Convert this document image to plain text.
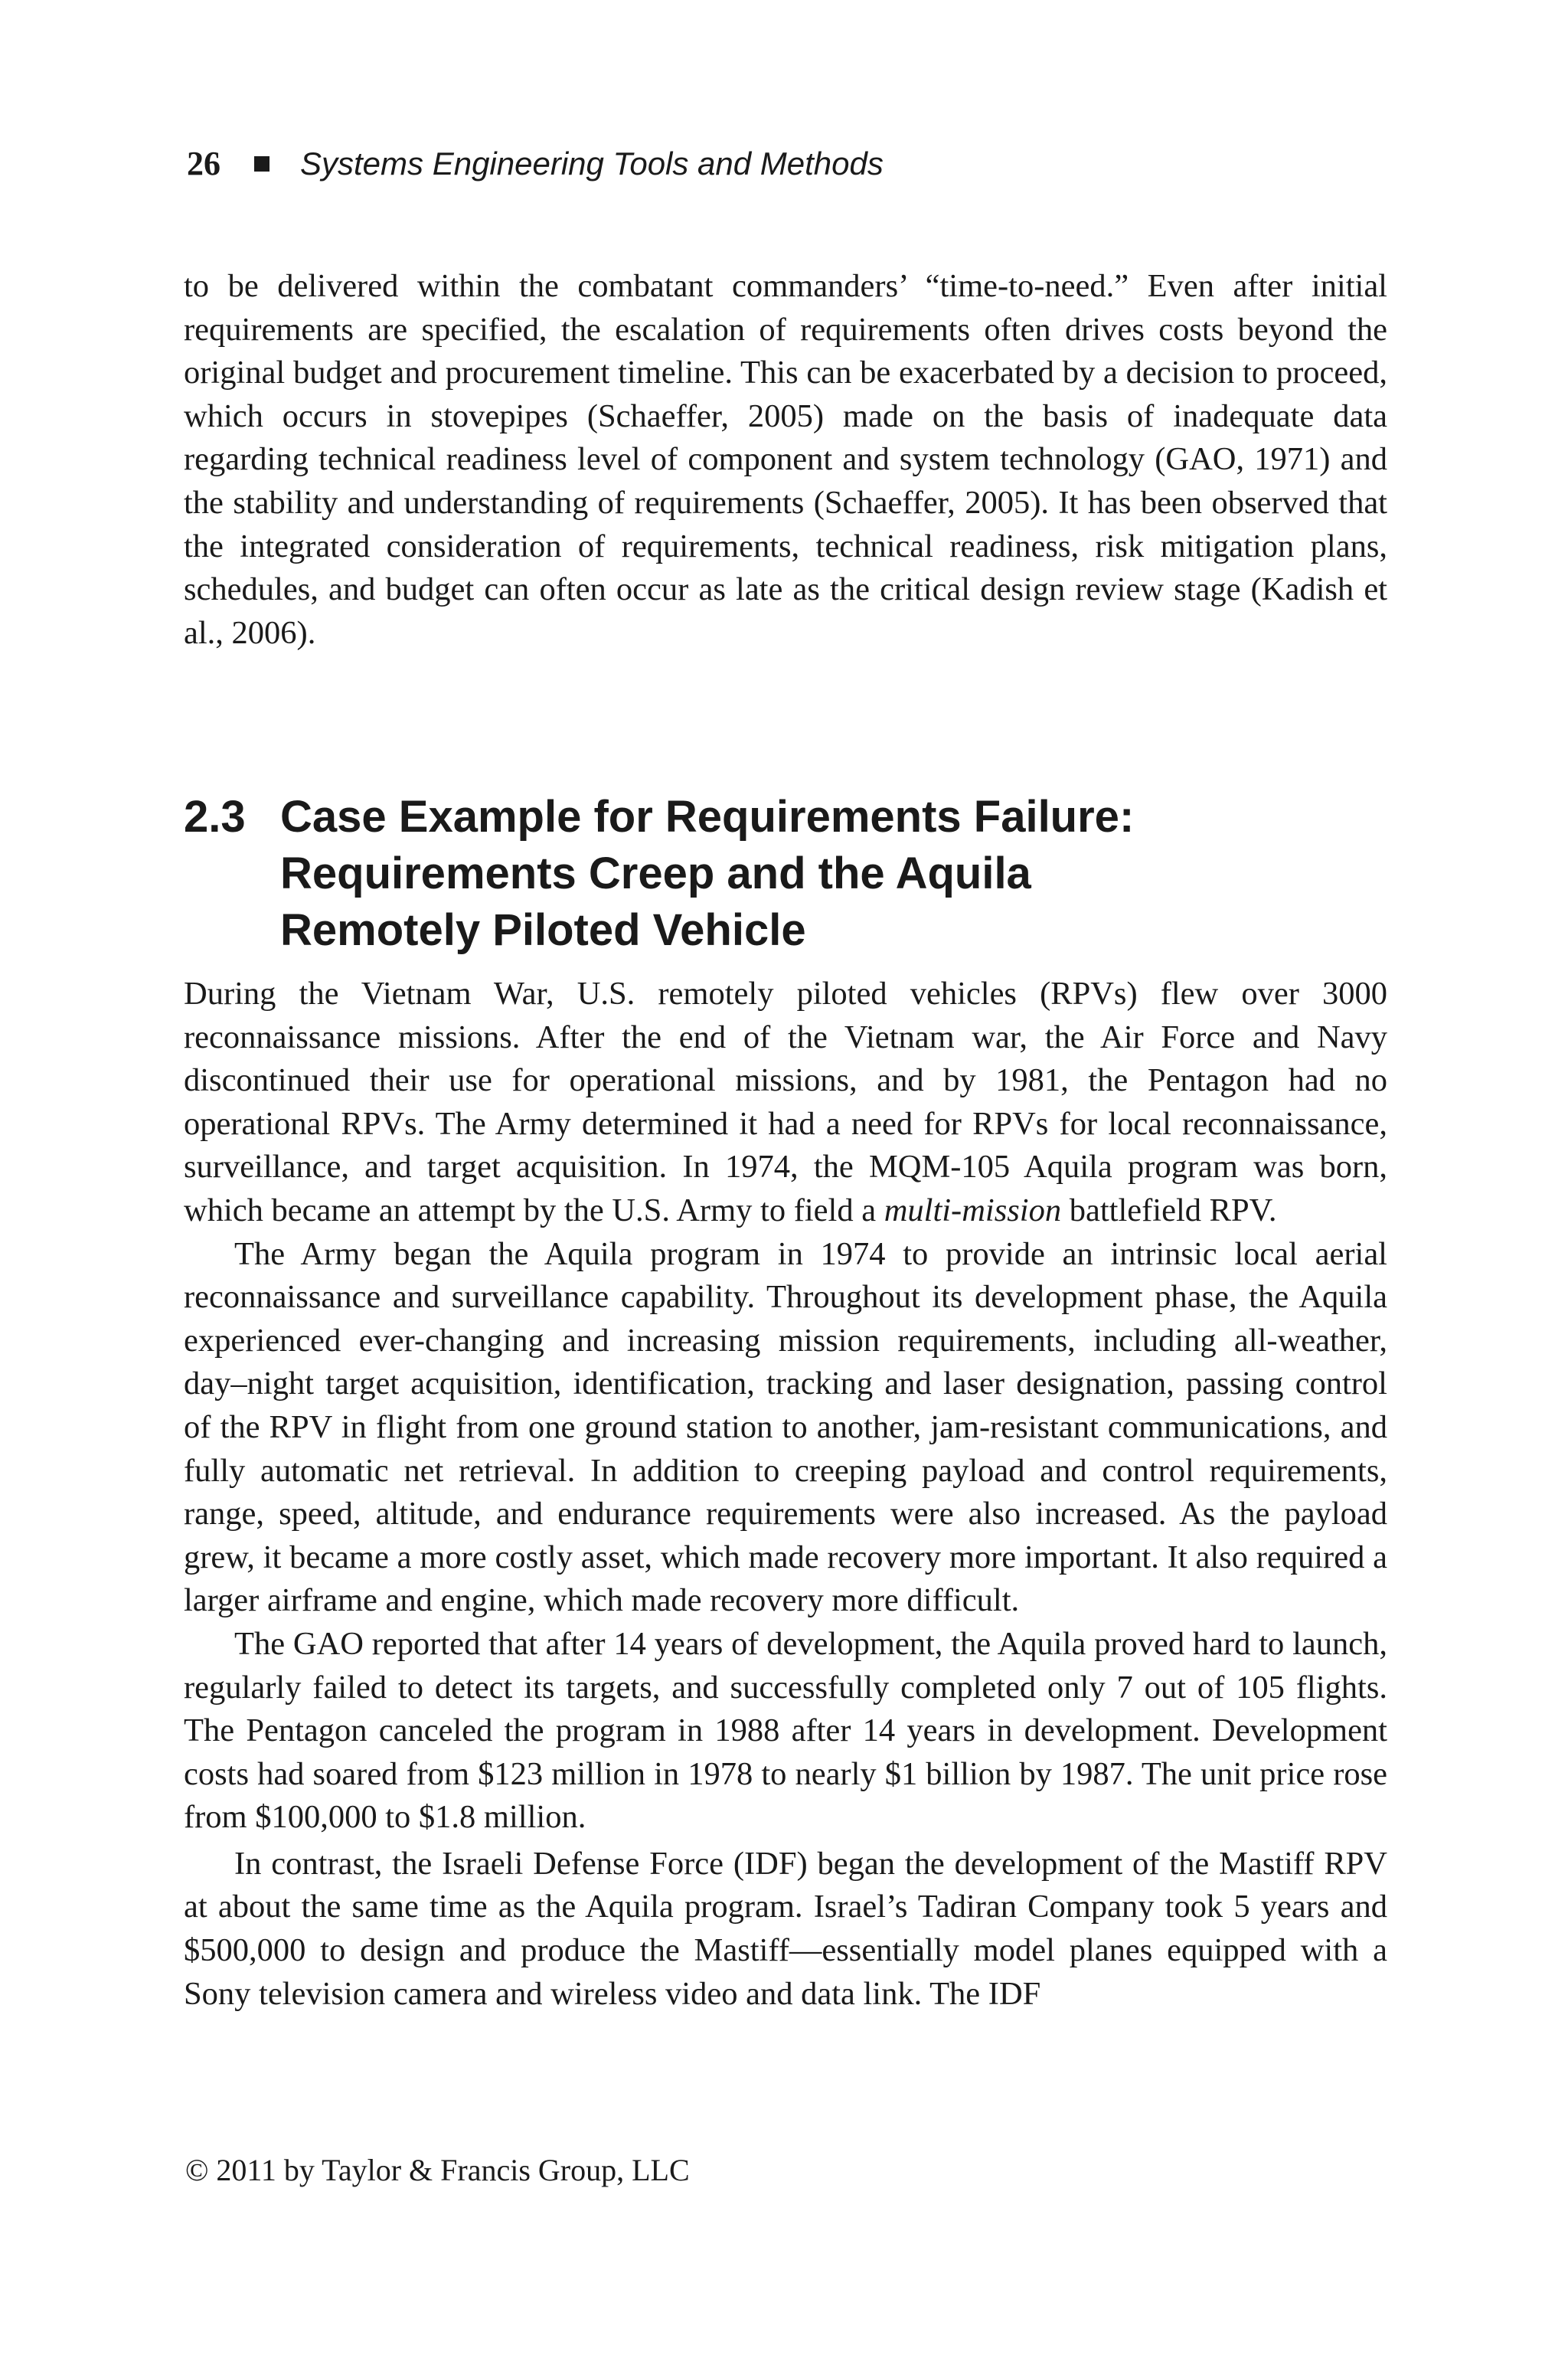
26 Systems Engineering Tools and Methods

to be delivered within the combatant commanders’ “time-to-need.” Even after initial requirements are specified, the escalation of requirements often drives costs beyond the original budget and procurement timeline. This can be exacerbated by a decision to proceed, which occurs in stovepipes (Schaeffer, 2005) made on the basis of inadequate data regarding technical readiness level of component and system technology (GAO, 1971) and the stability and understanding of requirements (Schaeffer, 2005). It has been observed that the integrated consideration of requirements, technical readiness, risk mitigation plans, schedules, and budget can often occur as late as the critical design review stage (Kadish et al., 2006).

2.3 Case Example for Requirements Failure: Requirements Creep and the Aquila Remotely Piloted Vehicle

During the Vietnam War, U.S. remotely piloted vehicles (RPVs) flew over 3000 reconnaissance missions. After the end of the Vietnam war, the Air Force and Navy discontinued their use for operational missions, and by 1981, the Pentagon had no operational RPVs. The Army determined it had a need for RPVs for local reconnaissance, surveillance, and target acquisition. In 1974, the MQM-105 Aquila program was born, which became an attempt by the U.S. Army to field a multi-mission battlefield RPV.

The Army began the Aquila program in 1974 to provide an intrinsic local aerial reconnaissance and surveillance capability. Throughout its development phase, the Aquila experienced ever-changing and increasing mission requirements, including all-weather, day–night target acquisition, identification, tracking and laser designation, passing control of the RPV in flight from one ground station to another, jam-resistant communications, and fully automatic net retrieval. In addition to creeping payload and control requirements, range, speed, altitude, and endurance requirements were also increased. As the payload grew, it became a more costly asset, which made recovery more important. It also required a larger airframe and engine, which made recovery more difficult.

The GAO reported that after 14 years of development, the Aquila proved hard to launch, regularly failed to detect its targets, and successfully completed only 7 out of 105 flights. The Pentagon canceled the program in 1988 after 14 years in development. Development costs had soared from $123 million in 1978 to nearly $1 billion by 1987. The unit price rose from $100,000 to $1.8 million.

In contrast, the Israeli Defense Force (IDF) began the development of the Mastiff RPV at about the same time as the Aquila program. Israel’s Tadiran Company took 5 years and $500,000 to design and produce the Mastiff—essentially model planes equipped with a Sony television camera and wireless video and data link. The IDF

© 2011 by Taylor & Francis Group, LLC
